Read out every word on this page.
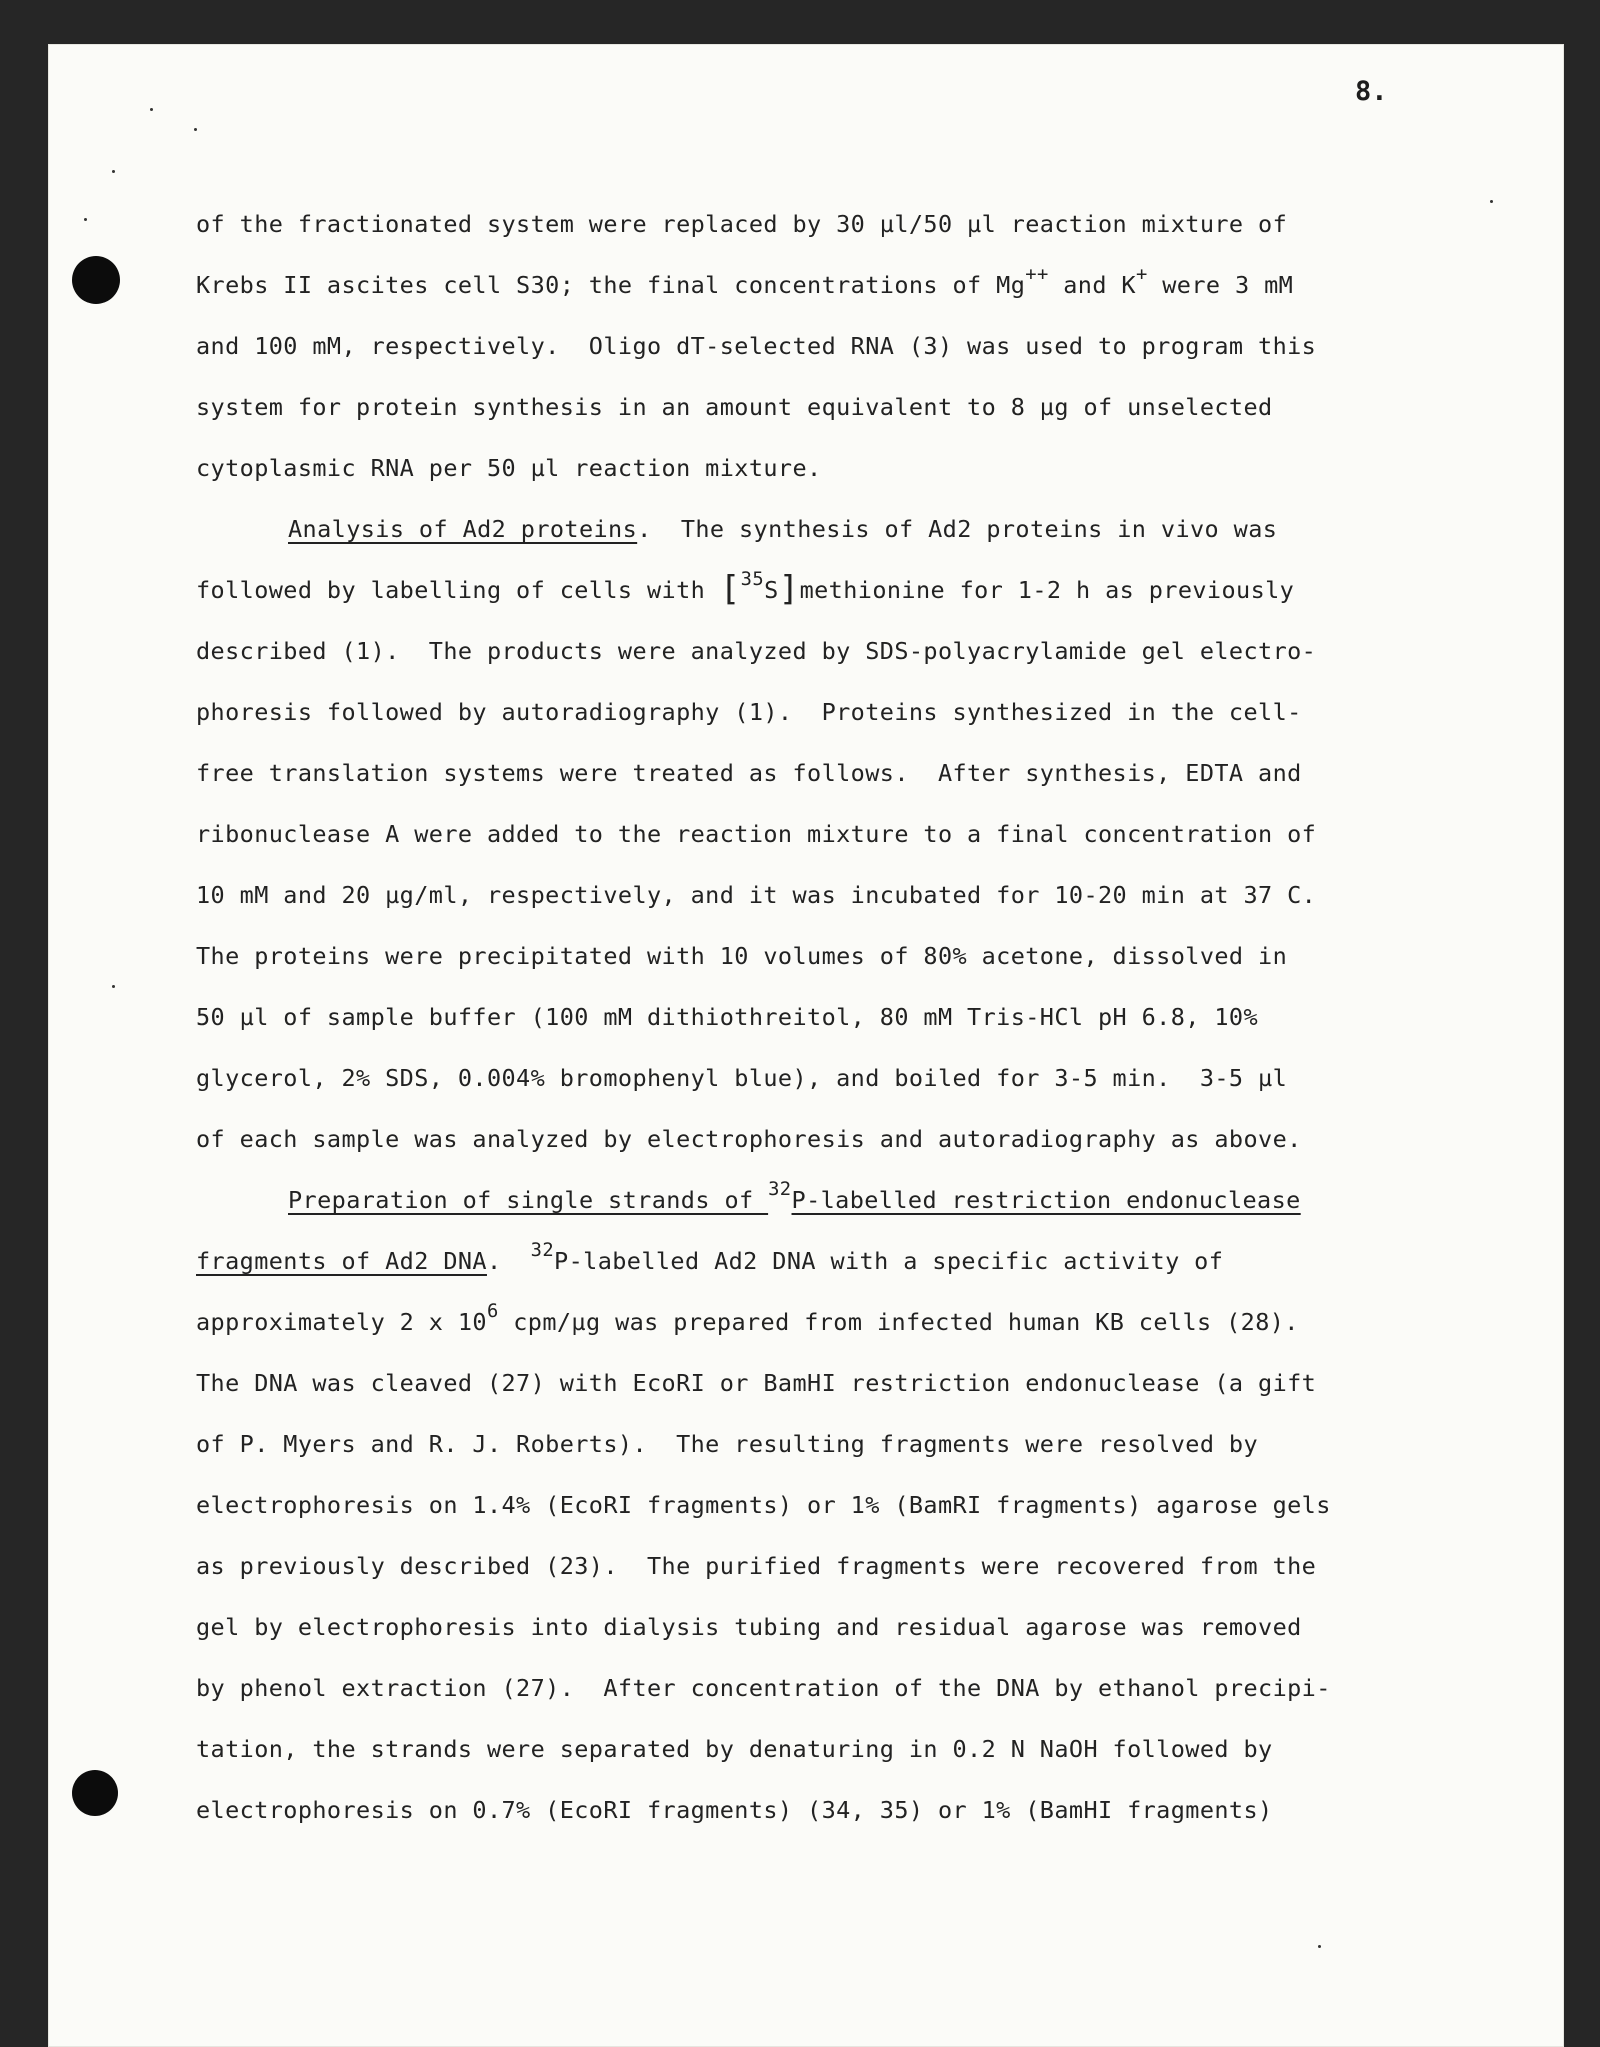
8.
of the fractionated system were replaced by 30 µl/50 µl reaction mixture of
Krebs II ascites cell S30; the final concentrations of Mg++ and K+ were 3 mM
and 100 mM, respectively.  Oligo dT-selected RNA (3) was used to program this
system for protein synthesis in an amount equivalent to 8 µg of unselected
cytoplasmic RNA per 50 µl reaction mixture.
Analysis of Ad2 proteins.  The synthesis of Ad2 proteins in vivo was
followed by labelling of cells with [$^{35}$S]methionine for 1-2 h as previously
described (1).  The products were analyzed by SDS-polyacrylamide gel electro-
phoresis followed by autoradiography (1).  Proteins synthesized in the cell-
free translation systems were treated as follows.  After synthesis, EDTA and
ribonuclease A were added to the reaction mixture to a final concentration of
10 mM and 20 µg/ml, respectively, and it was incubated for 10-20 min at 37 C.
The proteins were precipitated with 10 volumes of 80% acetone, dissolved in
50 µl of sample buffer (100 mM dithiothreitol, 80 mM Tris-HCl pH 6.8, 10%
glycerol, 2% SDS, 0.004% bromophenyl blue), and boiled for 3-5 min.  3-5 µl
of each sample was analyzed by electrophoresis and autoradiography as above.
Preparation of single strands of $^{32}$P-labelled restriction endonuclease
fragments of Ad2 DNA.  $^{32}$P-labelled Ad2 DNA with a specific activity of
approximately 2 x $10^6$ cpm/µg was prepared from infected human KB cells (28).
The DNA was cleaved (27) with EcoRI or BamHI restriction endonuclease (a gift
of P. Myers and R. J. Roberts).  The resulting fragments were resolved by
electrophoresis on 1.4% (EcoRI fragments) or 1% (BamRI fragments) agarose gels
as previously described (23).  The purified fragments were recovered from the
gel by electrophoresis into dialysis tubing and residual agarose was removed
by phenol extraction (27).  After concentration of the DNA by ethanol precipi-
tation, the strands were separated by denaturing in 0.2 N NaOH followed by
electrophoresis on 0.7% (EcoRI fragments) (34, 35) or 1% (BamHI fragments)
